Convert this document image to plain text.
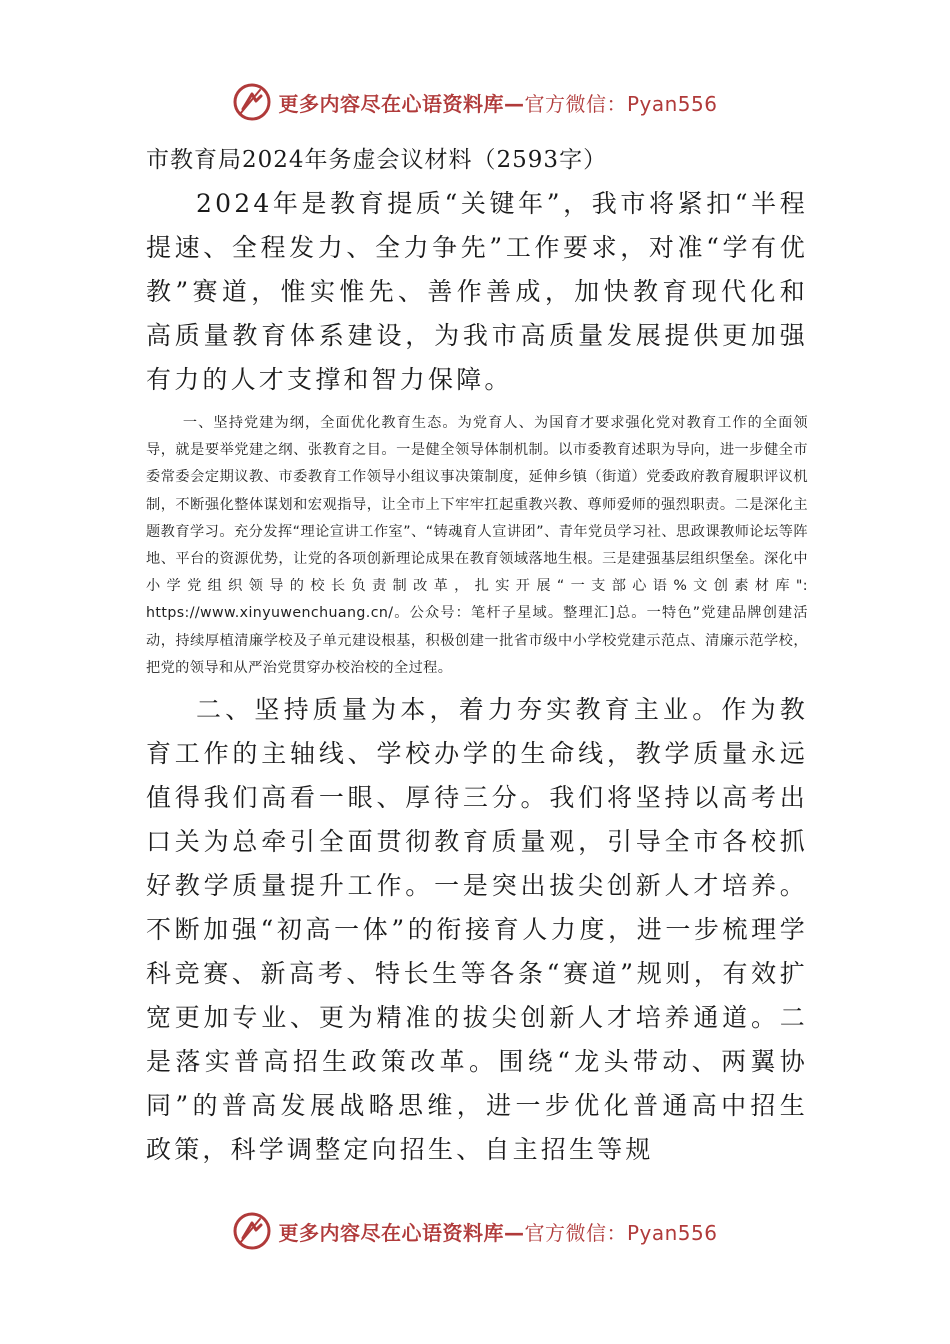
更多内容尽在心语资料库—官方微信：Pyan556
市教育局2024年务虚会议材料（2593字）

2024年是教育提质“关键年”，我市将紧扣“半程提速、全程发力、全力争先”工作要求，对准“学有优教”赛道，惟实惟先、善作善成，加快教育现代化和高质量教育体系建设，为我市高质量发展提供更加强有力的人才支撑和智力保障。

一、坚持党建为纲，全面优化教育生态。为党育人、为国育才要求强化党对教育工作的全面领导，就是要举党建之纲、张教育之目。一是健全领导体制机制。以市委教育述职为导向，进一步健全市委常委会定期议教、市委教育工作领导小组议事决策制度，延伸乡镇（街道）党委政府教育履职评议机制，不断强化整体谋划和宏观指导，让全市上下牢牢扛起重教兴教、尊师爱师的强烈职责。二是深化主题教育学习。充分发挥“理论宣讲工作室”、“铸魂育人宣讲团”、青年党员学习社、思政课教师论坛等阵地、平台的资源优势，让党的各项创新理论成果在教育领域落地生根。三是建强基层组织堡垒。深化中小学党组织领导的校长负责制改革，扎实开展“一支部心语%文创素材库": https://www.xinyuwenchuang.cn/。公众号：笔杆子星域。整理汇]总。一特色”党建品牌创建活动，持续厚植清廉学校及子单元建设根基，积极创建一批省市级中小学校党建示范点、清廉示范学校，把党的领导和从严治党贯穿办校治校的全过程。

二、坚持质量为本，着力夯实教育主业。作为教育工作的主轴线、学校办学的生命线，教学质量永远值得我们高看一眼、厚待三分。我们将坚持以高考出口关为总牵引全面贯彻教育质量观，引导全市各校抓好教学质量提升工作。一是突出拔尖创新人才培养。不断加强“初高一体”的衔接育人力度，进一步梳理学科竞赛、新高考、特长生等各条“赛道”规则，有效扩宽更加专业、更为精准的拔尖创新人才培养通道。二是落实普高招生政策改革。围绕“龙头带动、两翼协同”的普高发展战略思维，进一步优化普通高中招生政策，科学调整定向招生、自主招生等规

更多内容尽在心语资料库—官方微信：Pyan556
